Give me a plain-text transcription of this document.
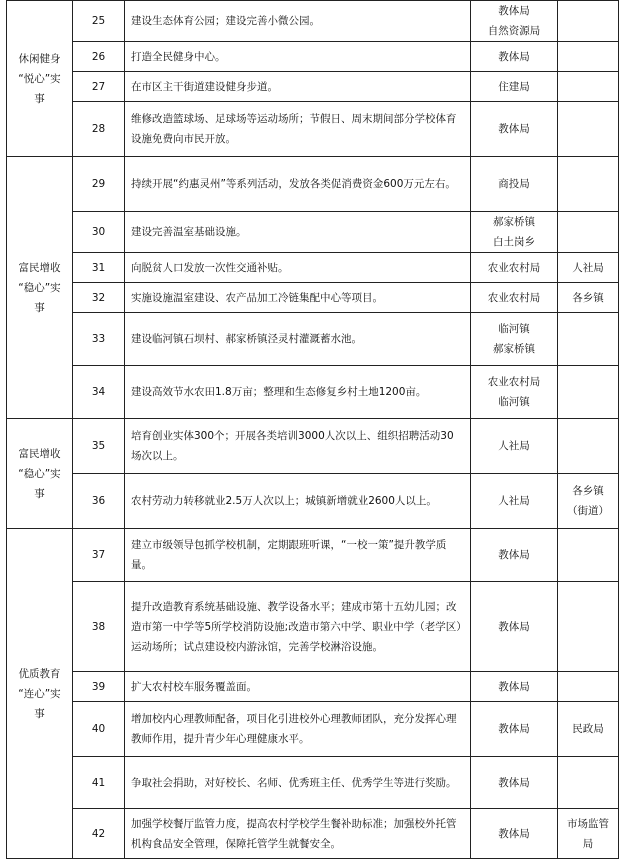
休闲健身
“悦心”实
事	25	建设生态体育公园；建设完善小微公园。	教体局
自然资源局	

	26	打造全民健身中心。	教体局	

	27	在市区主干街道建设健身步道。	住建局	

	28	维修改造篮球场、足球场等运动场所；节假日、周末期间部分学校体育设施免费向市民开放。	教体局	

富民增收
“稳心”实
事	29	持续开展“约惠灵州”等系列活动，发放各类促消费资金600万元左右。	商投局	

	30	建设完善温室基础设施。	郝家桥镇
白土岗乡	

	31	向脱贫人口发放一次性交通补贴。	农业农村局	人社局

	32	实施设施温室建设、农产品加工冷链集配中心等项目。	农业农村局	各乡镇

	33	建设临河镇石坝村、郝家桥镇泾灵村灌溉蓄水池。	临河镇
郝家桥镇	

	34	建设高效节水农田1.8万亩；整理和生态修复乡村土地1200亩。	农业农村局
临河镇	

富民增收
“稳心”实
事	35	培育创业实体300个；开展各类培训3000人次以上、组织招聘活动30场次以上。	人社局	

	36	农村劳动力转移就业2.5万人次以上；城镇新增就业2600人以上。	人社局	各乡镇
（街道）

优质教育
“连心”实
事	37	建立市级领导包抓学校机制，定期跟班听课，“一校一策”提升教学质量。	教体局	

	38	提升改造教育系统基础设施、教学设备水平；建成市第十五幼儿园；改造市第一中学等5所学校消防设施;改造市第六中学、职业中学（老学区）运动场所；试点建设校内游泳馆，完善学校淋浴设施。	教体局	

	39	扩大农村校车服务覆盖面。	教体局	

	40	增加校内心理教师配备，项目化引进校外心理教师团队，充分发挥心理教师作用，提升青少年心理健康水平。	教体局	民政局

	41	争取社会捐助，对好校长、名师、优秀班主任、优秀学生等进行奖励。	教体局	

	42	加强学校餐厅监管力度，提高农村学校学生餐补助标准；加强校外托管机构食品安全管理，保障托管学生就餐安全。	教体局	市场监管
局
